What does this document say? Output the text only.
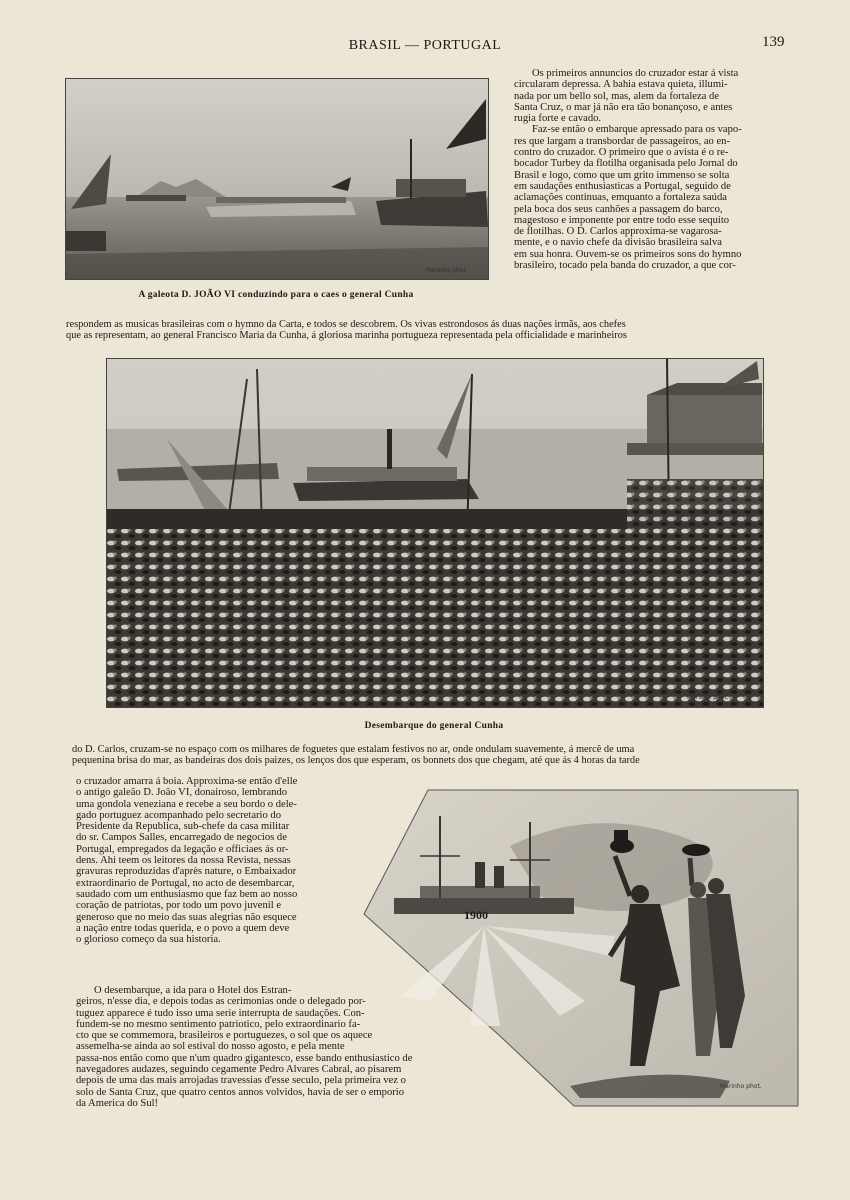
BRASIL — PORTUGAL	139
Marinho phot.
A galeota D. JOÃO VI conduzindo para o caes o general Cunha

Os primeiros annuncios do cruzador estar á vista

circularam depressa. A bahia estava quieta, illumi-

nada por um bello sol, mas, alem da fortaleza de

Santa Cruz, o mar já não era tão bonançoso, e antes

rugia forte e cavado.

Faz-se então o embarque apressado para os vapo-

res que largam a transbordar de passageiros, ao en-

contro do cruzador. O primeiro que o avista é o re-

bocador Turbey da flotilha organisada pelo Jornal do

Brasil e logo, como que um grito immenso se solta

em saudações enthusiasticas a Portugal, seguido de

aclamações continuas, emquanto a fortaleza saúda

pela boca dos seus canhões a passagem do barco,

magestoso e imponente por entre todo esse sequito

de flotilhas. O D. Carlos approxima-se vagarosa-

mente, e o navio chefe da divisão brasileira salva

em sua honra. Ouvem-se os primeiros sons do hymno

brasileiro, tocado pela banda do cruzador, a que cor-

respondem as musicas brasileiras com o hymno da Carta, e todos se descobrem. Os vivas estrondosos ás duas nações irmãs, aos chefes

que as representam, ao general Francisco Maria da Cunha, á gloriosa marinha portugueza representada pela officialidade e marinheiros

Marinho phot.
Desembarque do general Cunha

do D. Carlos, cruzam-se no espaço com os milhares de foguetes que estalam festivos no ar, onde ondulam suavemente, á mercê de uma

pequenina brisa do mar, as bandeiras dos dois paizes, os lenços dos que esperam, os bonnets dos que chegam, até que ás 4 horas da tarde

o cruzador amarra á boia. Approxima-se então d'elle

o antigo galeão D. João VI, donairoso, lembrando

uma gondola veneziana e recebe a seu bordo o dele-

gado portuguez acompanhado pelo secretario do

Presidente da Republica, sub-chefe da casa militar

do sr. Campos Salles, encarregado de negocios de

Portugal, empregados da legação e officiaes ás or-

dens. Ahi teem os leitores da nossa Revista, nessas

gravuras reproduzidas d'après nature, o Embaixador

extraordinario de Portugal, no acto de desembarcar,

saudado com um enthusiasmo que faz bem ao nosso

coração de patriotas, por todo um povo juvenil e

generoso que no meio das suas alegrias não esquece

a nação entre todas querida, e o povo a quem deve

o glorioso começo da sua historia.

O desembarque, a ida para o Hotel dos Estran-

geiros, n'esse dia, e depois todas as cerimonias onde o delegado por-

tuguez apparece é tudo isso uma serie interrupta de saudações. Con-

fundem-se no mesmo sentimento patriotico, pelo extraordinario fa-

cto que se commemora, brasileiros e portuguezes, o sol que os aquece

assemelha-se ainda ao sol estival do nosso agosto, e pela mente

passa-nos então como que n'um quadro gigantesco, esse bando enthusiastico de

navegadores audazes, seguindo cegamente Pedro Alvares Cabral, ao pisarem

depois de uma das mais arrojadas travessias d'esse seculo, pela primeira vez o

solo de Santa Cruz, que quatro centos annos volvidos, havia de ser o emporio

da America do Sul!

1900
Marinho phot.
